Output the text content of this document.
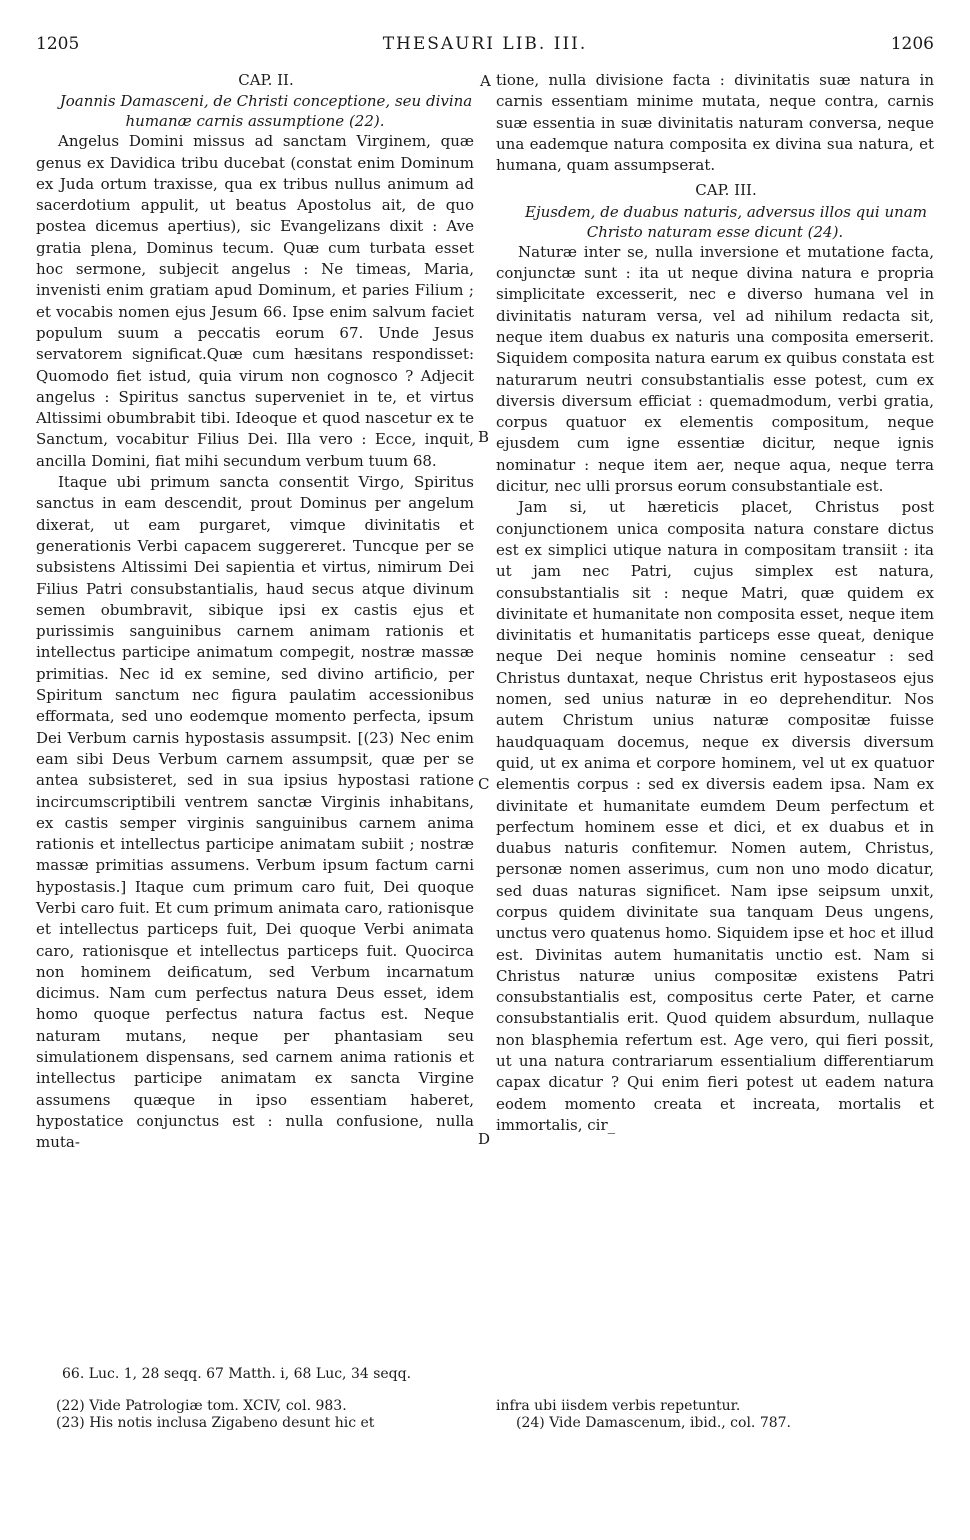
1205	THESAURI LIB. III.	1206

CAP. II.

Joannis Damasceni, de Christi conceptione, seu divina humanæ carnis assumptione (22).

Angelus Domini missus ad sanctam Virginem, quæ genus ex Davidica tribu ducebat (constat enim Dominum ex Juda ortum traxisse, qua ex tribus nullus animum ad sacerdotium appulit, ut beatus Apostolus ait, de quo postea dicemus apertius), sic Evangelizans dixit : Ave gratia plena, Dominus tecum. Quæ cum turbata esset hoc sermone, subjecit angelus : Ne timeas, Maria, invenisti enim gratiam apud Dominum, et paries Filium ; et vocabis nomen ejus Jesum 66. Ipse enim salvum faciet populum suum a peccatis eorum 67. Unde Jesus servatorem significat.Quæ cum hæsitans respondisset: Quomodo fiet istud, quia virum non cognosco ? Adjecit angelus : Spiritus sanctus superveniet in te, et virtus Altissimi obumbrabit tibi. Ideoque et quod nascetur ex te Sanctum, vocabitur Filius Dei. Illa vero : Ecce, inquit, ancilla Domini, fiat mihi secundum verbum tuum 68.

Itaque ubi primum sancta consentit Virgo, Spiritus sanctus in eam descendit, prout Dominus per angelum dixerat, ut eam purgaret, vimque divinitatis et generationis Verbi capacem suggereret. Tuncque per se subsistens Altissimi Dei sapientia et virtus, nimirum Dei Filius Patri consubstantialis, haud secus atque divinum semen obumbravit, sibique ipsi ex castis ejus et purissimis sanguinibus carnem animam rationis et intellectus participe animatum compegit, nostræ massæ primitias. Nec id ex semine, sed divino artificio, per Spiritum sanctum nec figura paulatim accessionibus efformata, sed uno eodemque momento perfecta, ipsum Dei Verbum carnis hypostasis assumpsit. [(23) Nec enim eam sibi Deus Verbum carnem assumpsit, quæ per se antea subsisteret, sed in sua ipsius hypostasi ratione incircumscriptibili ventrem sanctæ Virginis inhabitans, ex castis semper virginis sanguinibus carnem anima rationis et intellectus participe animatam subiit ; nostræ massæ primitias assumens. Verbum ipsum factum carni hypostasis.] Itaque cum primum caro fuit, Dei quoque Verbi caro fuit. Et cum primum animata caro, rationisque et intellectus particeps fuit, Dei quoque Verbi animata caro, rationisque et intellectus particeps fuit. Quocirca non hominem deificatum, sed Verbum incarnatum dicimus. Nam cum perfectus natura Deus esset, idem homo quoque perfectus natura factus est. Neque naturam mutans, neque per phantasiam seu simulationem dispensans, sed carnem anima rationis et intellectus participe animatam ex sancta Virgine assumens quæque in ipso essentiam haberet, hypostatice conjunctus est : nulla confusione, nulla muta-

tione, nulla divisione facta : divinitatis suæ natura in carnis essentiam minime mutata, neque contra, carnis suæ essentia in suæ divinitatis naturam conversa, neque una eademque natura composita ex divina sua natura, et humana, quam assumpserat.

CAP. III.

Ejusdem, de duabus naturis, adversus illos qui unam Christo naturam esse dicunt (24).

Naturæ inter se, nulla inversione et mutatione facta, conjunctæ sunt : ita ut neque divina natura e propria simplicitate excesserit, nec e diverso humana vel in divinitatis naturam versa, vel ad nihilum redacta sit, neque item duabus ex naturis una composita emerserit. Siquidem composita natura earum ex quibus constata est naturarum neutri consubstantialis esse potest, cum ex diversis diversum efficiat : quemadmodum, verbi gratia, corpus quatuor ex elementis compositum, neque ejusdem cum igne essentiæ dicitur, neque ignis nominatur : neque item aer, neque aqua, neque terra dicitur, nec ulli prorsus eorum consubstantiale est.

Jam si, ut hæreticis placet, Christus post conjunctionem unica composita natura constare dictus est ex simplici utique natura in compositam transiit : ita ut jam nec Patri, cujus simplex est natura, consubstantialis sit : neque Matri, quæ quidem ex divinitate et humanitate non composita esset, neque item divinitatis et humanitatis particeps esse queat, denique neque Dei neque hominis nomine censeatur : sed Christus duntaxat, neque Christus erit hypostaseos ejus nomen, sed unius naturæ in eo deprehenditur. Nos autem Christum unius naturæ compositæ fuisse haudquaquam docemus, neque ex diversis diversum quid, ut ex anima et corpore hominem, vel ut ex quatuor elementis corpus : sed ex diversis eadem ipsa. Nam ex divinitate et humanitate eumdem Deum perfectum et perfectum hominem esse et dici, et ex duabus et in duabus naturis confitemur. Nomen autem, Christus, personæ nomen asserimus, cum non uno modo dicatur, sed duas naturas significet. Nam ipse seipsum unxit, corpus quidem divinitate sua tanquam Deus ungens, unctus vero quatenus homo. Siquidem ipse et hoc et illud est. Divinitas autem humanitatis unctio est. Nam si Christus naturæ unius compositæ existens Patri consubstantialis est, compositus certe Pater, et carne consubstantialis erit. Quod quidem absurdum, nullaque non blasphemia refertum est. Age vero, qui fieri possit, ut una natura contrariarum essentialium differentiarum capax dicatur ? Qui enim fieri potest ut eadem natura eodem momento creata et increata, mortalis et immortalis, cir_

A
B
C
D
66. Luc. 1, 28 seqq. 67 Matth. i, 68 Luc, 34 seqq.
(22) Vide Patrologiæ tom. XCIV, col. 983.
(23) His notis inclusa Zigabeno desunt hic et
infra ubi iisdem verbis repetuntur.
(24) Vide Damascenum, ibid., col. 787.
